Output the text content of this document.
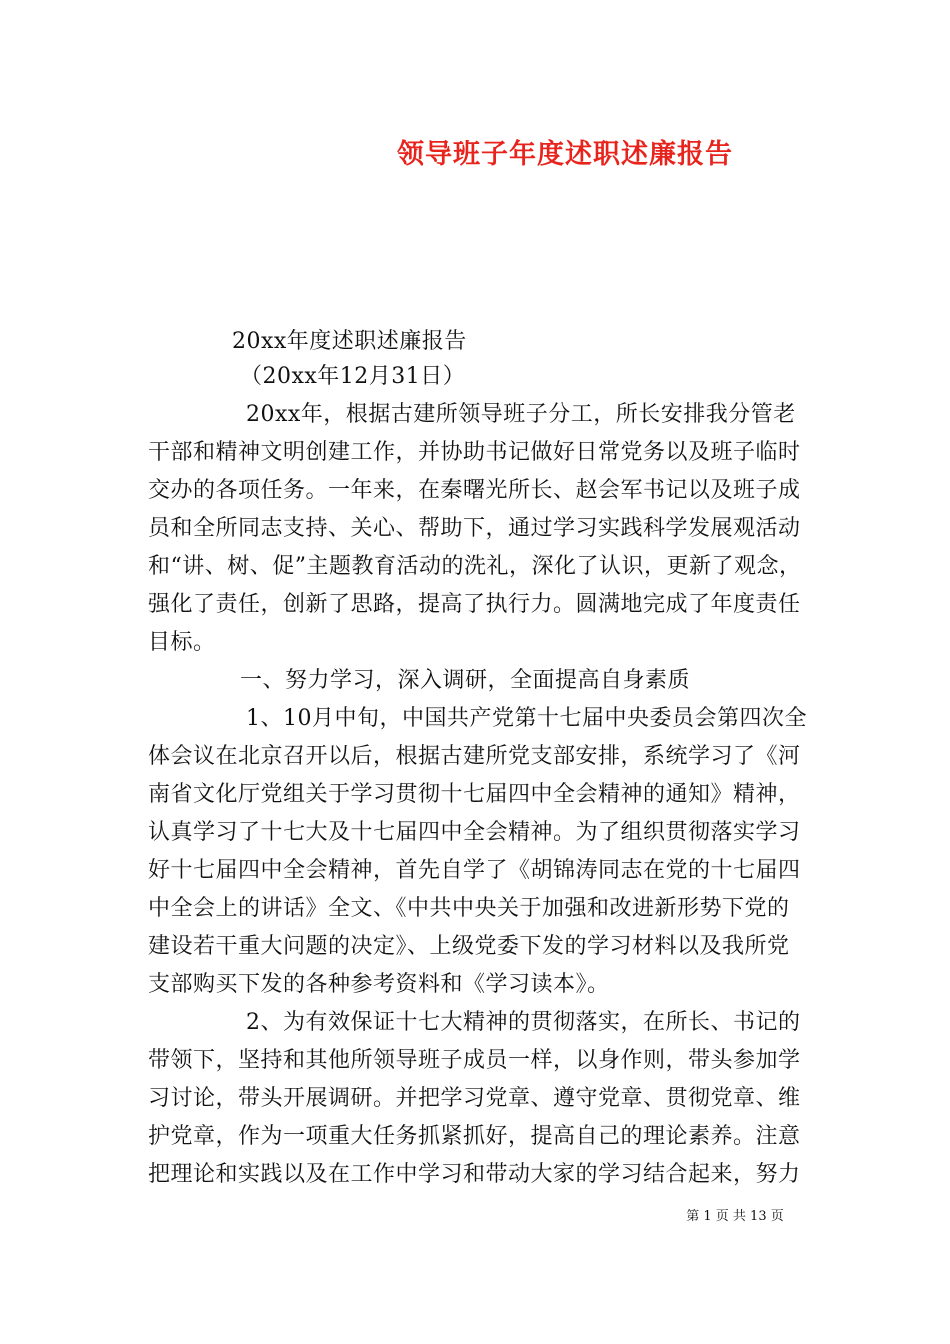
领导班子年度述职述廉报告
20xx年度述职述廉报告
（20xx年12月31日）
20xx年，根据古建所领导班子分工，所长安排我分管老
干部和精神文明创建工作，并协助书记做好日常党务以及班子临时
交办的各项任务。一年来，在秦曙光所长、赵会军书记以及班子成
员和全所同志支持、关心、帮助下，通过学习实践科学发展观活动
和“讲、树、促”主题教育活动的洗礼，深化了认识，更新了观念，
强化了责任，创新了思路，提高了执行力。圆满地完成了年度责任
目标。
一、努力学习，深入调研，全面提高自身素质
1、10月中旬，中国共产党第十七届中央委员会第四次全
体会议在北京召开以后，根据古建所党支部安排，系统学习了《河
南省文化厅党组关于学习贯彻十七届四中全会精神的通知》精神，
认真学习了十七大及十七届四中全会精神。为了组织贯彻落实学习
好十七届四中全会精神，首先自学了《胡锦涛同志在党的十七届四
中全会上的讲话》全文、《中共中央关于加强和改进新形势下党的
建设若干重大问题的决定》、上级党委下发的学习材料以及我所党
支部购买下发的各种参考资料和《学习读本》。
2、为有效保证十七大精神的贯彻落实，在所长、书记的
带领下，坚持和其他所领导班子成员一样，以身作则，带头参加学
习讨论，带头开展调研。并把学习党章、遵守党章、贯彻党章、维
护党章，作为一项重大任务抓紧抓好，提高自己的理论素养。注意
把理论和实践以及在工作中学习和带动大家的学习结合起来，努力
第 1 页 共 13 页
